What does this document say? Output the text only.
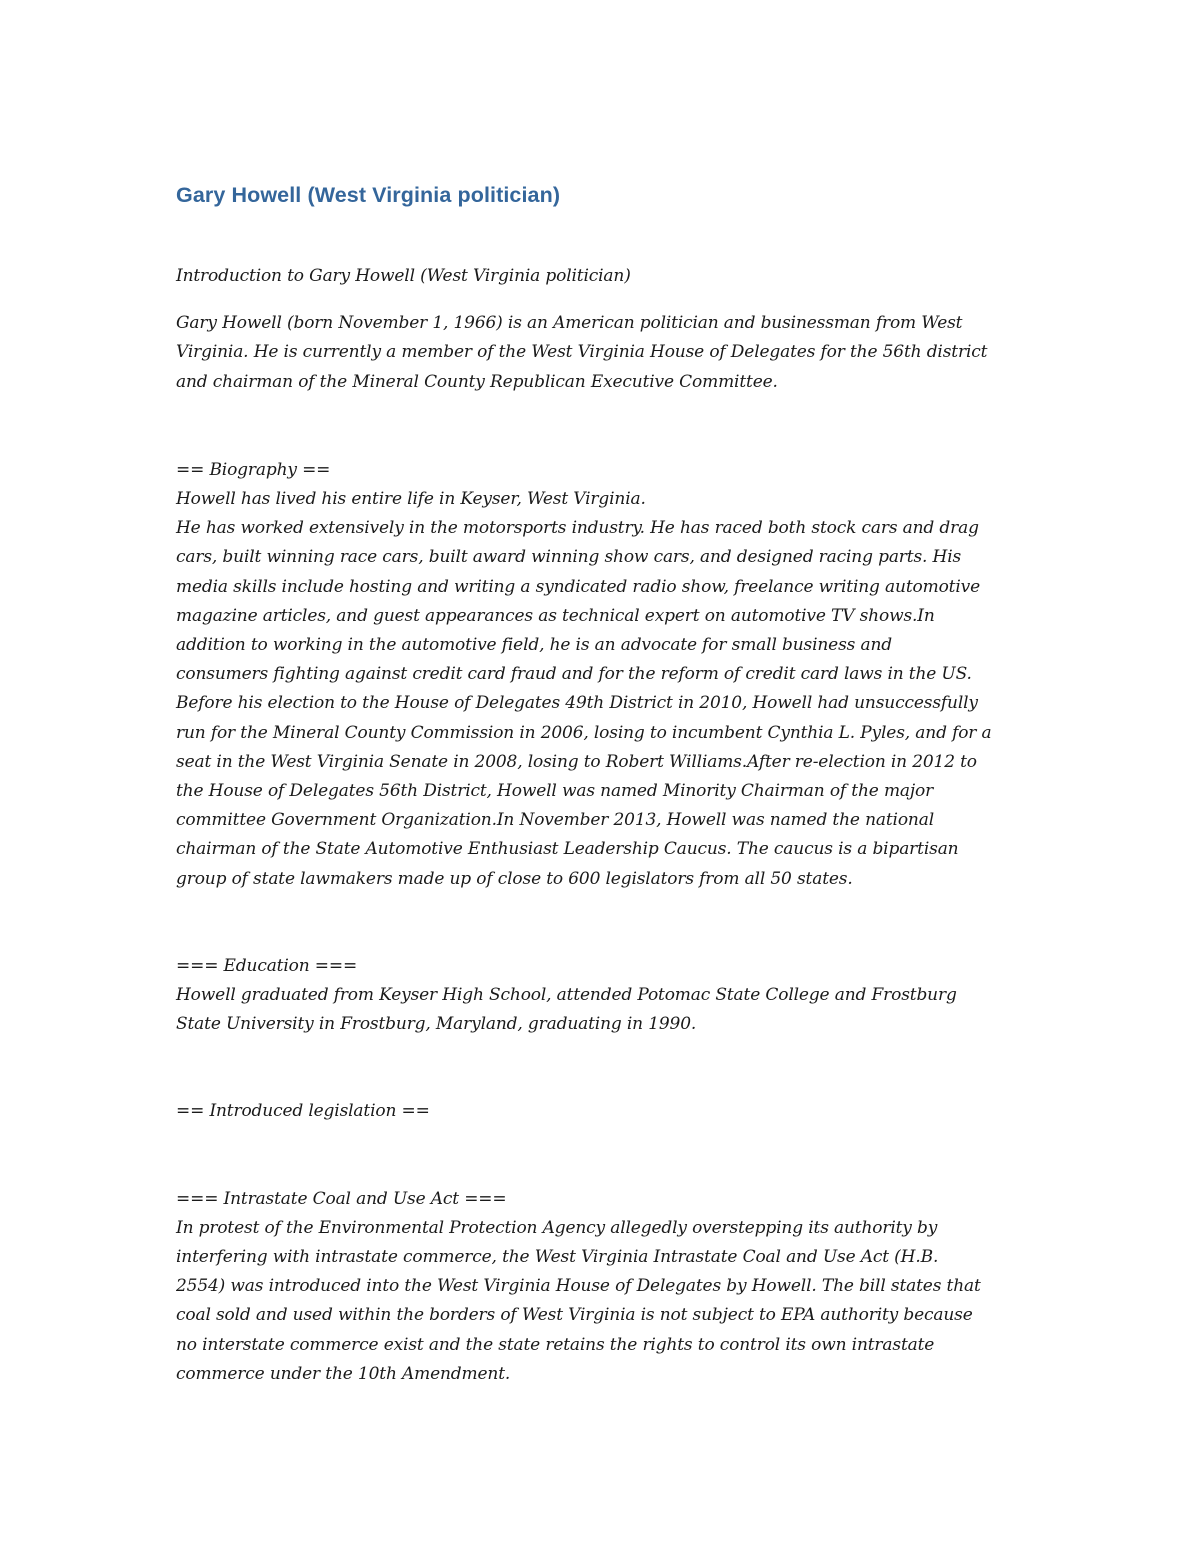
Gary Howell (West Virginia politician)

Introduction to Gary Howell (West Virginia politician)

Gary Howell (born November 1, 1966) is an American politician and businessman from West
Virginia. He is currently a member of the West Virginia House of Delegates for the 56th district
and chairman of the Mineral County Republican Executive Committee.

== Biography ==
Howell has lived his entire life in Keyser, West Virginia.
He has worked extensively in the motorsports industry. He has raced both stock cars and drag
cars, built winning race cars, built award winning show cars, and designed racing parts. His
media skills include hosting and writing a syndicated radio show, freelance writing automotive
magazine articles, and guest appearances as technical expert on automotive TV shows.In
addition to working in the automotive field, he is an advocate for small business and
consumers fighting against credit card fraud and for the reform of credit card laws in the US.
Before his election to the House of Delegates 49th District in 2010, Howell had unsuccessfully
run for the Mineral County Commission in 2006, losing to incumbent Cynthia L. Pyles, and for a
seat in the West Virginia Senate in 2008, losing to Robert Williams.After re-election in 2012 to
the House of Delegates 56th District, Howell was named Minority Chairman of the major
committee Government Organization.In November 2013, Howell was named the national
chairman of the State Automotive Enthusiast Leadership Caucus. The caucus is a bipartisan
group of state lawmakers made up of close to 600 legislators from all 50 states.
=== Education ===
Howell graduated from Keyser High School, attended Potomac State College and Frostburg
State University in Frostburg, Maryland, graduating in 1990.
== Introduced legislation ==
=== Intrastate Coal and Use Act ===
In protest of the Environmental Protection Agency allegedly overstepping its authority by
interfering with intrastate commerce, the West Virginia Intrastate Coal and Use Act (H.B.
2554) was introduced into the West Virginia House of Delegates by Howell. The bill states that
coal sold and used within the borders of West Virginia is not subject to EPA authority because
no interstate commerce exist and the state retains the rights to control its own intrastate
commerce under the 10th Amendment.
